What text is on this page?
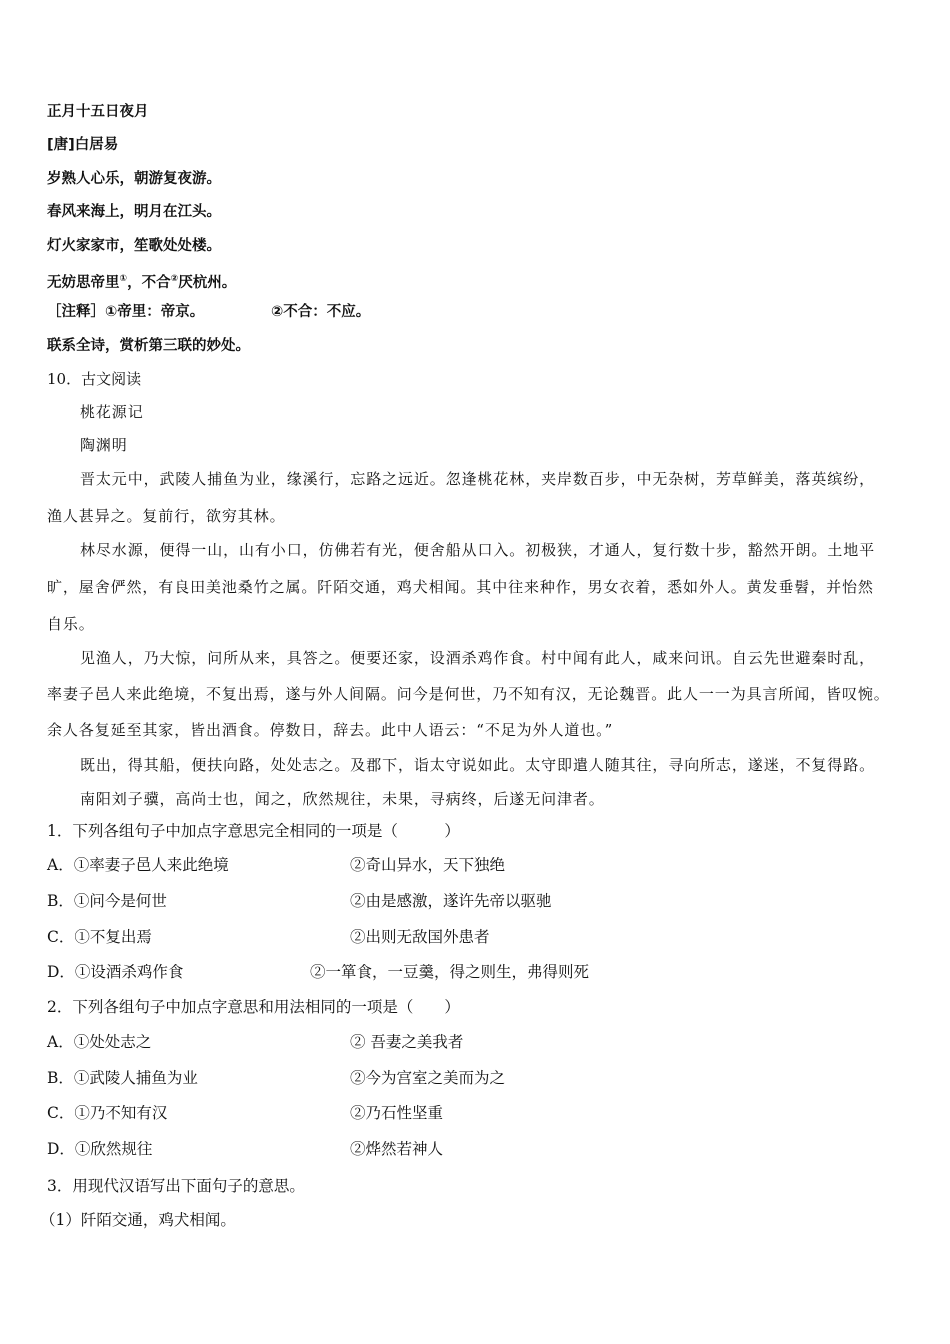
正月十五日夜月
[唐]白居易
岁熟人心乐，朝游复夜游。
春风来海上，明月在江头。
灯火家家市，笙歌处处楼。
无妨思帝里①，不合②厌杭州。
［注释］①帝里：帝京。	②不合：不应。
联系全诗，赏析第三联的妙处。
10．古文阅读
桃花源记
陶渊明
晋太元中，武陵人捕鱼为业，缘溪行，忘路之远近。忽逢桃花林，夹岸数百步，中无杂树，芳草鲜美，落英缤纷，
渔人甚异之。复前行，欲穷其林。
林尽水源，便得一山，山有小口，仿佛若有光，便舍船从口入。初极狭，才通人，复行数十步，豁然开朗。土地平
旷，屋舍俨然，有良田美池桑竹之属。阡陌交通，鸡犬相闻。其中往来种作，男女衣着，悉如外人。黄发垂髫，并怡然
自乐。
见渔人，乃大惊，问所从来，具答之。便要还家，设酒杀鸡作食。村中闻有此人，咸来问讯。自云先世避秦时乱，
率妻子邑人来此绝境，不复出焉，遂与外人间隔。问今是何世，乃不知有汉，无论魏晋。此人一一为具言所闻，皆叹惋。
余人各复延至其家，皆出酒食。停数日，辞去。此中人语云：“不足为外人道也。”
既出，得其船，便扶向路，处处志之。及郡下，诣太守说如此。太守即遣人随其往，寻向所志，遂迷，不复得路。
南阳刘子骥，高尚士也，闻之，欣然规往，未果，寻病终，后遂无问津者。
1．下列各组句子中加点字意思完全相同的一项是（　　　）
A．①率妻子邑人来此绝境	②奇山异水，天下独绝
B．①问今是何世	②由是感激，遂许先帝以驱驰
C．①不复出焉	②出则无敌国外患者
D．①设酒杀鸡作食	②一箪食，一豆羹，得之则生，弗得则死
2．下列各组句子中加点字意思和用法相同的一项是（　　）
A．①处处志之	② 吾妻之美我者
B．①武陵人捕鱼为业	②今为宫室之美而为之
C．①乃不知有汉	②乃石性坚重
D．①欣然规往	②烨然若神人
3．用现代汉语写出下面句子的意思。
（1）阡陌交通，鸡犬相闻。
